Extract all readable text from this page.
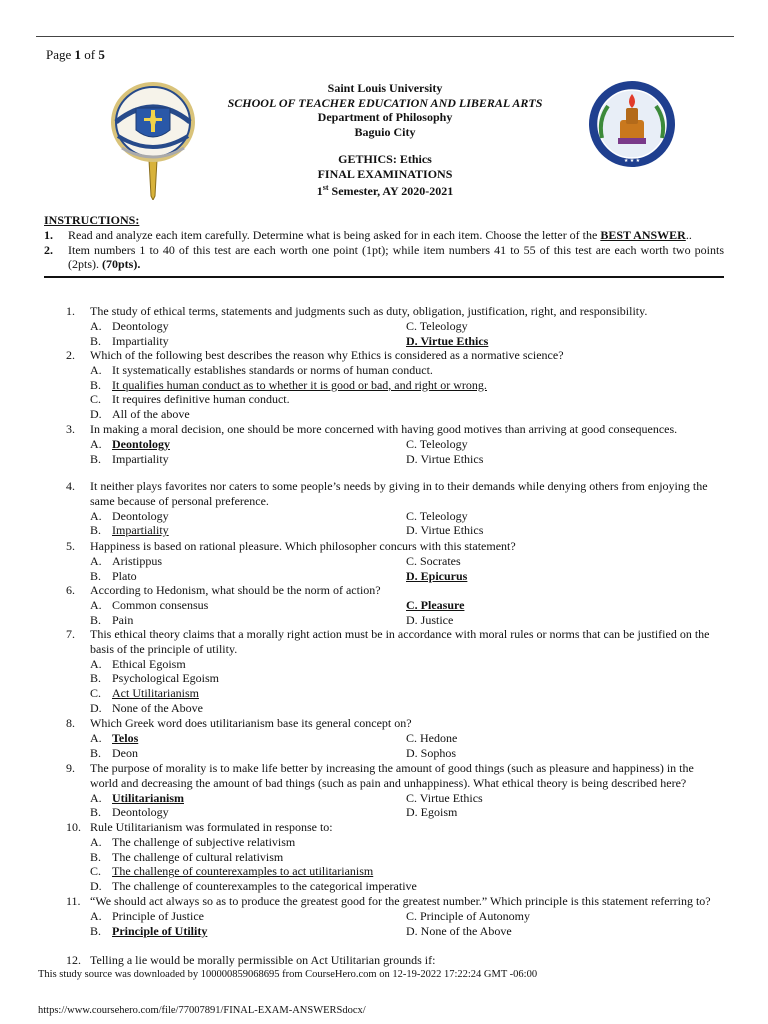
Page 1 of 5
★ ★ ★
Saint Louis University
SCHOOL OF TEACHER EDUCATION AND LIBERAL ARTS
Department of Philosophy
Baguio City
GETHICS: Ethics
FINAL EXAMINATIONS
1st Semester, AY 2020-2021
INSTRUCTIONS:
1.	Read and analyze each item carefully. Determine what is being asked for in each item. Choose the letter of the BEST ANSWER..
2.	Item numbers 1 to 40 of this test are each worth one point (1pt); while item numbers 41 to 55 of this test are each worth two points (2pts). (70pts).
1.	The study of ethical terms, statements and judgments such as duty, obligation, justification, right, and responsibility.
A. Deontology	C. Teleology
B. Impartiality	D. Virtue Ethics
2.	Which of the following best describes the reason why Ethics is considered as a normative science?
A. It systematically establishes standards or norms of human conduct.
B. It qualifies human conduct as to whether it is good or bad, and right or wrong.
C. It requires definitive human conduct.
D. All of the above
3.	In making a moral decision, one should be more concerned with having good motives than arriving at good consequences.
A. Deontology	C. Teleology
B. Impartiality	D. Virtue Ethics
4.	It neither plays favorites nor caters to some people’s needs by giving in to their demands while denying others from enjoying the same because of personal preference.
A. Deontology	C. Teleology
B. Impartiality	D. Virtue Ethics
5.	Happiness is based on rational pleasure. Which philosopher concurs with this statement?
A. Aristippus	C. Socrates
B. Plato	D. Epicurus
6.	According to Hedonism, what should be the norm of action?
A. Common consensus	C. Pleasure
B. Pain	D. Justice
7.	This ethical theory claims that a morally right action must be in accordance with moral rules or norms that can be justified on the basis of the principle of utility.
A. Ethical Egoism
B. Psychological Egoism
C. Act Utilitarianism
D. None of the Above
8.	Which Greek word does utilitarianism base its general concept on?
A. Telos	C. Hedone
B. Deon	D. Sophos
9.	The purpose of morality is to make life better by increasing the amount of good things (such as pleasure and happiness) in the world and decreasing the amount of bad things (such as pain and unhappiness). What ethical theory is being described here?
A. Utilitarianism	C. Virtue Ethics
B. Deontology	D. Egoism
10. Rule Utilitarianism was formulated in response to:
A. The challenge of subjective relativism
B. The challenge of cultural relativism
C. The challenge of counterexamples to act utilitarianism
D. The challenge of counterexamples to the categorical imperative
11. “We should act always so as to produce the greatest good for the greatest number.” Which principle is this statement referring to?
A. Principle of Justice	C. Principle of Autonomy
B. Principle of Utility	D. None of the Above
12. Telling a lie would be morally permissible on Act Utilitarian grounds if:
This study source was downloaded by 100000859068695 from CourseHero.com on 12-19-2022 17:22:24 GMT -06:00
https://www.coursehero.com/file/77007891/FINAL-EXAM-ANSWERSdocx/
